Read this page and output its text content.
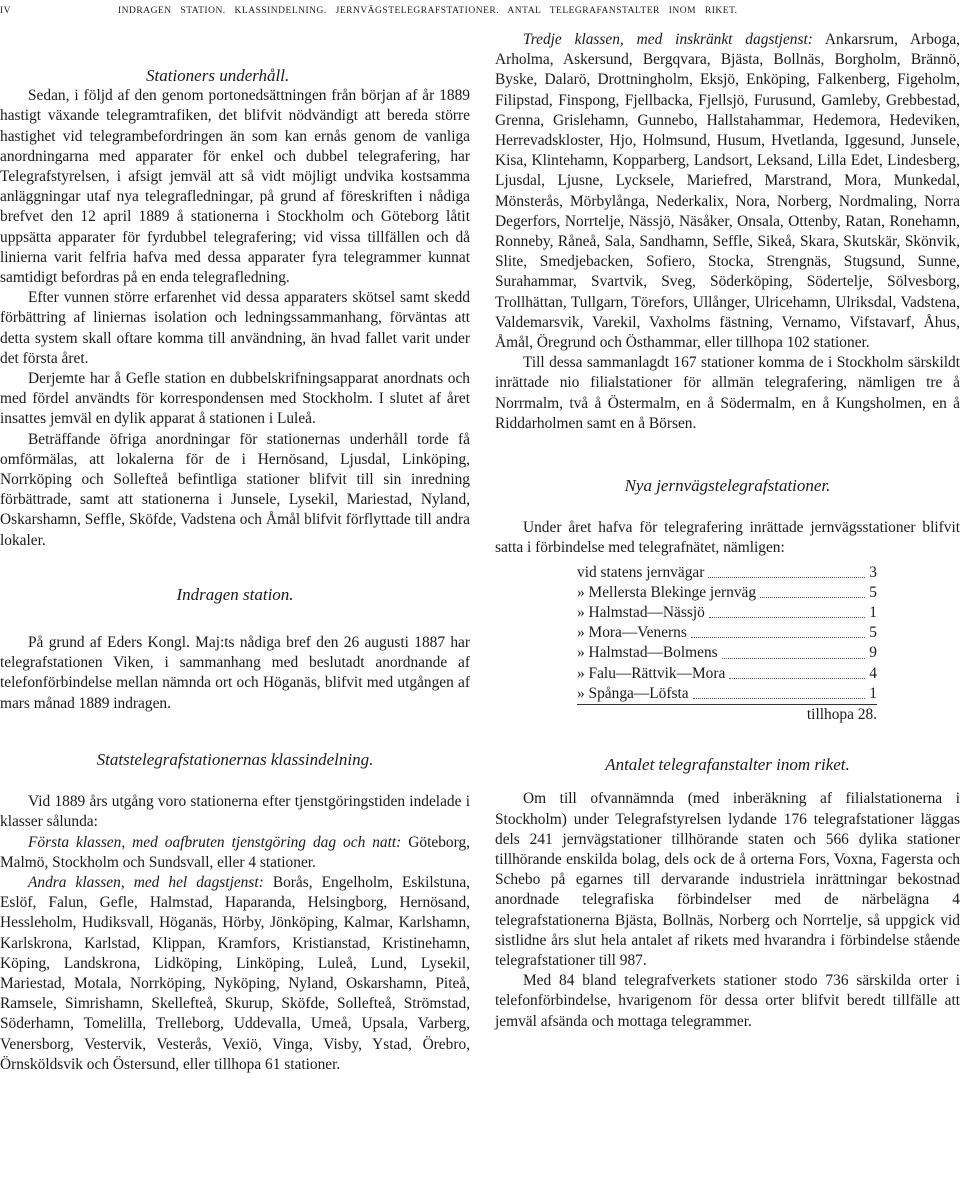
IV	INDRAGEN STATION. KLASSINDELNING. JERNVÄGSTELEGRAFSTATIONER. ANTAL TELEGRAFANSTALTER INOM RIKET.

Stationers underhåll.

Sedan, i följd af den genom portonedsättningen från början af år 1889 hastigt växande telegramtrafiken, det blifvit nödvändigt att bereda större hastighet vid telegrambefordringen än som kan ernås genom de vanliga anordningarna med apparater för enkel och dubbel telegrafering, har Telegrafstyrelsen, i afsigt jemväl att så vidt möjligt undvika kostsamma anläggningar utaf nya telegrafledningar, på grund af föreskriften i nådiga brefvet den 12 april 1889 å stationerna i Stockholm och Göteborg låtit uppsätta apparater för fyrdubbel telegrafering; vid vissa tillfällen och då linierna varit felfria hafva med dessa apparater fyra telegrammer kunnat samtidigt befordras på en enda telegrafledning.

Efter vunnen större erfarenhet vid dessa apparaters skötsel samt skedd förbättring af liniernas isolation och ledningssammanhang, förväntas att detta system skall oftare komma till användning, än hvad fallet varit under det första året.

Derjemte har å Gefle station en dubbelskrifningsapparat anordnats och med fördel användts för korrespondensen med Stockholm. I slutet af året insattes jemväl en dylik apparat å stationen i Luleå.

Beträffande öfriga anordningar för stationernas underhåll torde få omförmälas, att lokalerna för de i Hernösand, Ljusdal, Linköping, Norrköping och Sollefteå befintliga stationer blifvit till sin inredning förbättrade, samt att stationerna i Junsele, Lysekil, Mariestad, Nyland, Oskarshamn, Seffle, Sköfde, Vadstena och Åmål blifvit förflyttade till andra lokaler.

Indragen station.

På grund af Eders Kongl. Maj:ts nådiga bref den 26 augusti 1887 har telegrafstationen Viken, i sammanhang med beslutadt anordnande af telefonförbindelse mellan nämnda ort och Höganäs, blifvit med utgången af mars månad 1889 indragen.

Statstelegrafstationernas klassindelning.

Vid 1889 års utgång voro stationerna efter tjenstgöringstiden indelade i klasser sålunda:

Första klassen, med oafbruten tjenstgöring dag och natt: Göteborg, Malmö, Stockholm och Sundsvall, eller 4 stationer.

Andra klassen, med hel dagstjenst: Borås, Engelholm, Eskilstuna, Eslöf, Falun, Gefle, Halmstad, Haparanda, Helsingborg, Hernösand, Hessleholm, Hudiksvall, Höganäs, Hörby, Jönköping, Kalmar, Karlshamn, Karlskrona, Karlstad, Klippan, Kramfors, Kristianstad, Kristinehamn, Köping, Landskrona, Lidköping, Linköping, Luleå, Lund, Lysekil, Mariestad, Motala, Norrköping, Nyköping, Nyland, Oskarshamn, Piteå, Ramsele, Simrishamn, Skellefteå, Skurup, Sköfde, Sollefteå, Strömstad, Söderhamn, Tomelilla, Trelleborg, Uddevalla, Umeå, Upsala, Varberg, Venersborg, Vestervik, Vesterås, Vexiö, Vinga, Visby, Ystad, Örebro, Örnsköldsvik och Östersund, eller tillhopa 61 stationer.

Tredje klassen, med inskränkt dagstjenst: Ankarsrum, Arboga, Arholma, Askersund, Bergqvara, Bjästa, Bollnäs, Borgholm, Brännö, Byske, Dalarö, Drottningholm, Eksjö, Enköping, Falkenberg, Figeholm, Filipstad, Finspong, Fjellbacka, Fjellsjö, Furusund, Gamleby, Grebbestad, Grenna, Grislehamn, Gunnebo, Hallstahammar, Hedemora, Hedeviken, Herrevadskloster, Hjo, Holmsund, Husum, Hvetlanda, Iggesund, Junsele, Kisa, Klintehamn, Kopparberg, Landsort, Leksand, Lilla Edet, Lindesberg, Ljusdal, Ljusne, Lycksele, Mariefred, Marstrand, Mora, Munkedal, Mönsterås, Mörbylånga, Nederkalix, Nora, Norberg, Nordmaling, Norra Degerfors, Norrtelje, Nässjö, Näsåker, Onsala, Ottenby, Ratan, Ronehamn, Ronneby, Råneå, Sala, Sandhamn, Seffle, Sikeå, Skara, Skutskär, Skönvik, Slite, Smedjebacken, Sofiero, Stocka, Strengnäs, Stugsund, Sunne, Surahammar, Svartvik, Sveg, Söderköping, Södertelje, Sölvesborg, Trollhättan, Tullgarn, Törefors, Ullånger, Ulricehamn, Ulriksdal, Vadstena, Valdemarsvik, Varekil, Vaxholms fästning, Vernamo, Vifstavarf, Åhus, Åmål, Öregrund och Östhammar, eller tillhopa 102 stationer.

Till dessa sammanlagdt 167 stationer komma de i Stockholm särskildt inrättade nio filialstationer för allmän telegrafering, nämligen tre å Norrmalm, två å Östermalm, en å Södermalm, en å Kungsholmen, en å Riddarholmen samt en å Börsen.

Nya jernvägstelegrafstationer.

Under året hafva för telegrafering inrättade jernvägsstationer blifvit satta i förbindelse med telegrafnätet, nämligen:

vid statens jernvägar	3
» Mellersta Blekinge jernväg	5
» Halmstad—Nässjö	1
» Mora—Venerns	5
» Halmstad—Bolmens	9
» Falu—Rättvik—Mora	4
» Spånga—Löfsta	1
tillhopa 28.

Antalet telegrafanstalter inom riket.

Om till ofvannämnda (med inberäkning af filialstationerna i Stockholm) under Telegrafstyrelsen lydande 176 telegrafstationer läggas dels 241 jernvägstationer tillhörande staten och 566 dylika stationer tillhörande enskilda bolag, dels ock de å orterna Fors, Voxna, Fagersta och Schebo på egarnes till dervarande industriela inrättningar bekostnad anordnade telegrafiska förbindelser med de närbelägna 4 telegrafstationerna Bjästa, Bollnäs, Norberg och Norrtelje, så uppgick vid sistlidne års slut hela antalet af rikets med hvarandra i förbindelse stående telegrafstationer till 987.

Med 84 bland telegrafverkets stationer stodo 736 särskilda orter i telefonförbindelse, hvarigenom för dessa orter blifvit beredt tillfälle att jemväl afsända och mottaga telegrammer.
